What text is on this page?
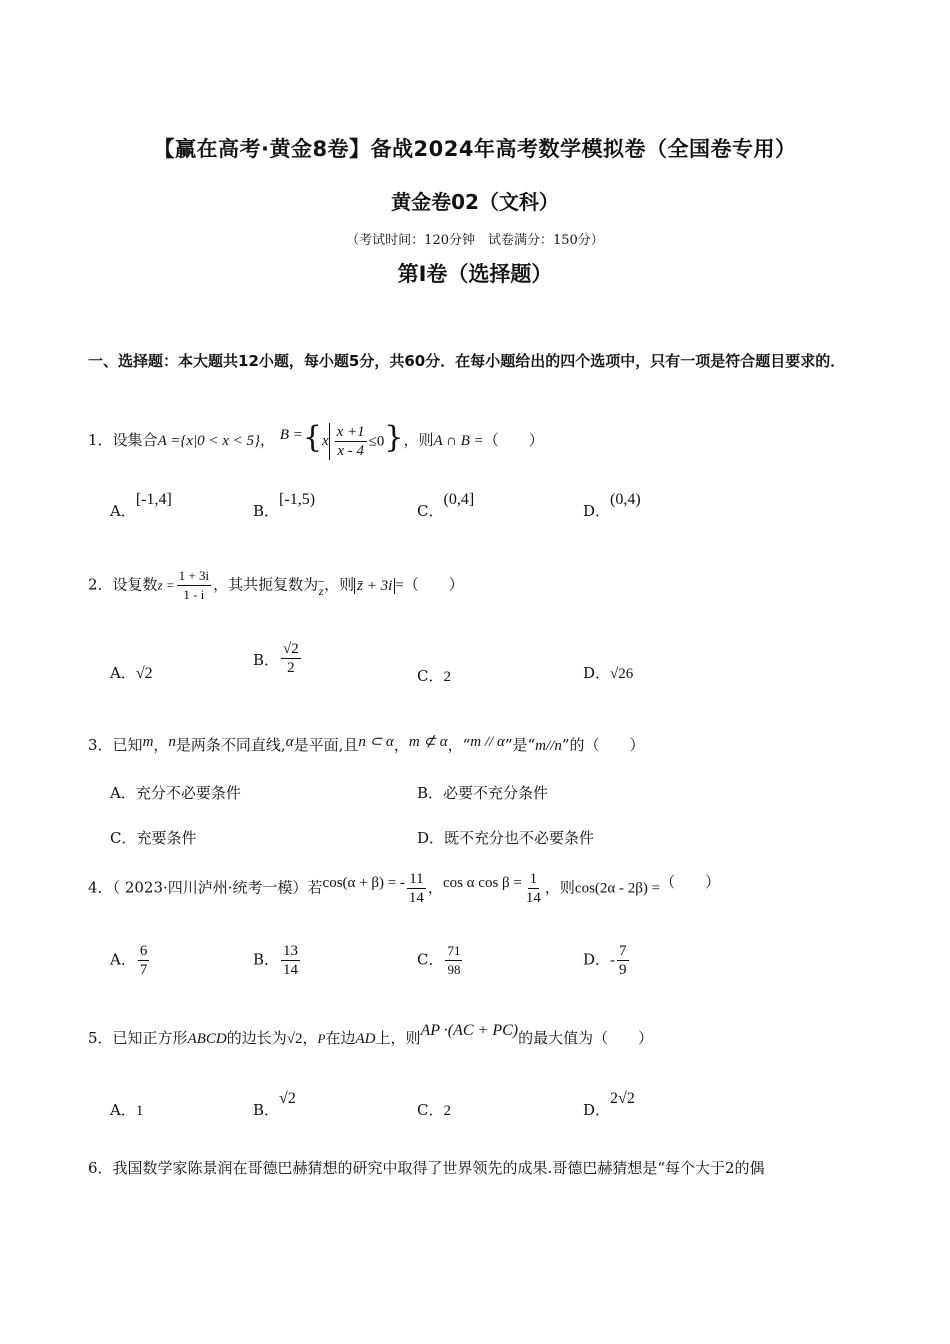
【赢在高考·黄金8卷】备战2024年高考数学模拟卷（全国卷专用）
黄金卷02（文科）
（考试时间：120分钟　试卷满分：150分）
第I卷（选择题）
一、选择题：本大题共12小题，每小题5分，共60分．在每小题给出的四个选项中，只有一项是符合题目要求的．
1．设集合A ={x|0 < x < 5}， $B =\{x \frac{x +1}{x - 4} \le 0\}$，则A ∩ B =（　　）
A．[-1,4]
B．[-1,5)
C．(0,4]
D．(0,4)
2．设复数$z = \frac{1 + 3i}{1 - i}$ ，其共扼复数为 –
z ，则 z̄ + 3i =（　　）
A．√2
B． $\frac{√2}{2}$	C．2	D．√26
3．已知m，n是两条不同直线,α是平面,且n ⊂ α，m ⊄ α，“m // α”是“m//n”的（　　）
A．充分不必要条件	B．必要不充分条件
C．充要条件	D．既不充分也不必要条件
4．（ 2023·四川泸州·统考一模）若cos(α + β) = - $\frac{11}{14}$ ，cos α $\cos \beta = \frac{1}{14}$ ，则cos(2α - 2β) =（　　）
A． $\frac{6}{7}$	B． $\frac{13}{14}$	C． $\frac{71}{98}$	D．- $\frac{7}{9}$
5．已知正方形ABCD的边长为√2，P在边AD上，则AP ·(AC + PC)的最大值为（　　）
A．1	B．√2
C．2	D．2√2
6．我国数学家陈景润在哥德巴赫猜想的研究中取得了世界领先的成果.哥德巴赫猜想是“每个大于2的偶
